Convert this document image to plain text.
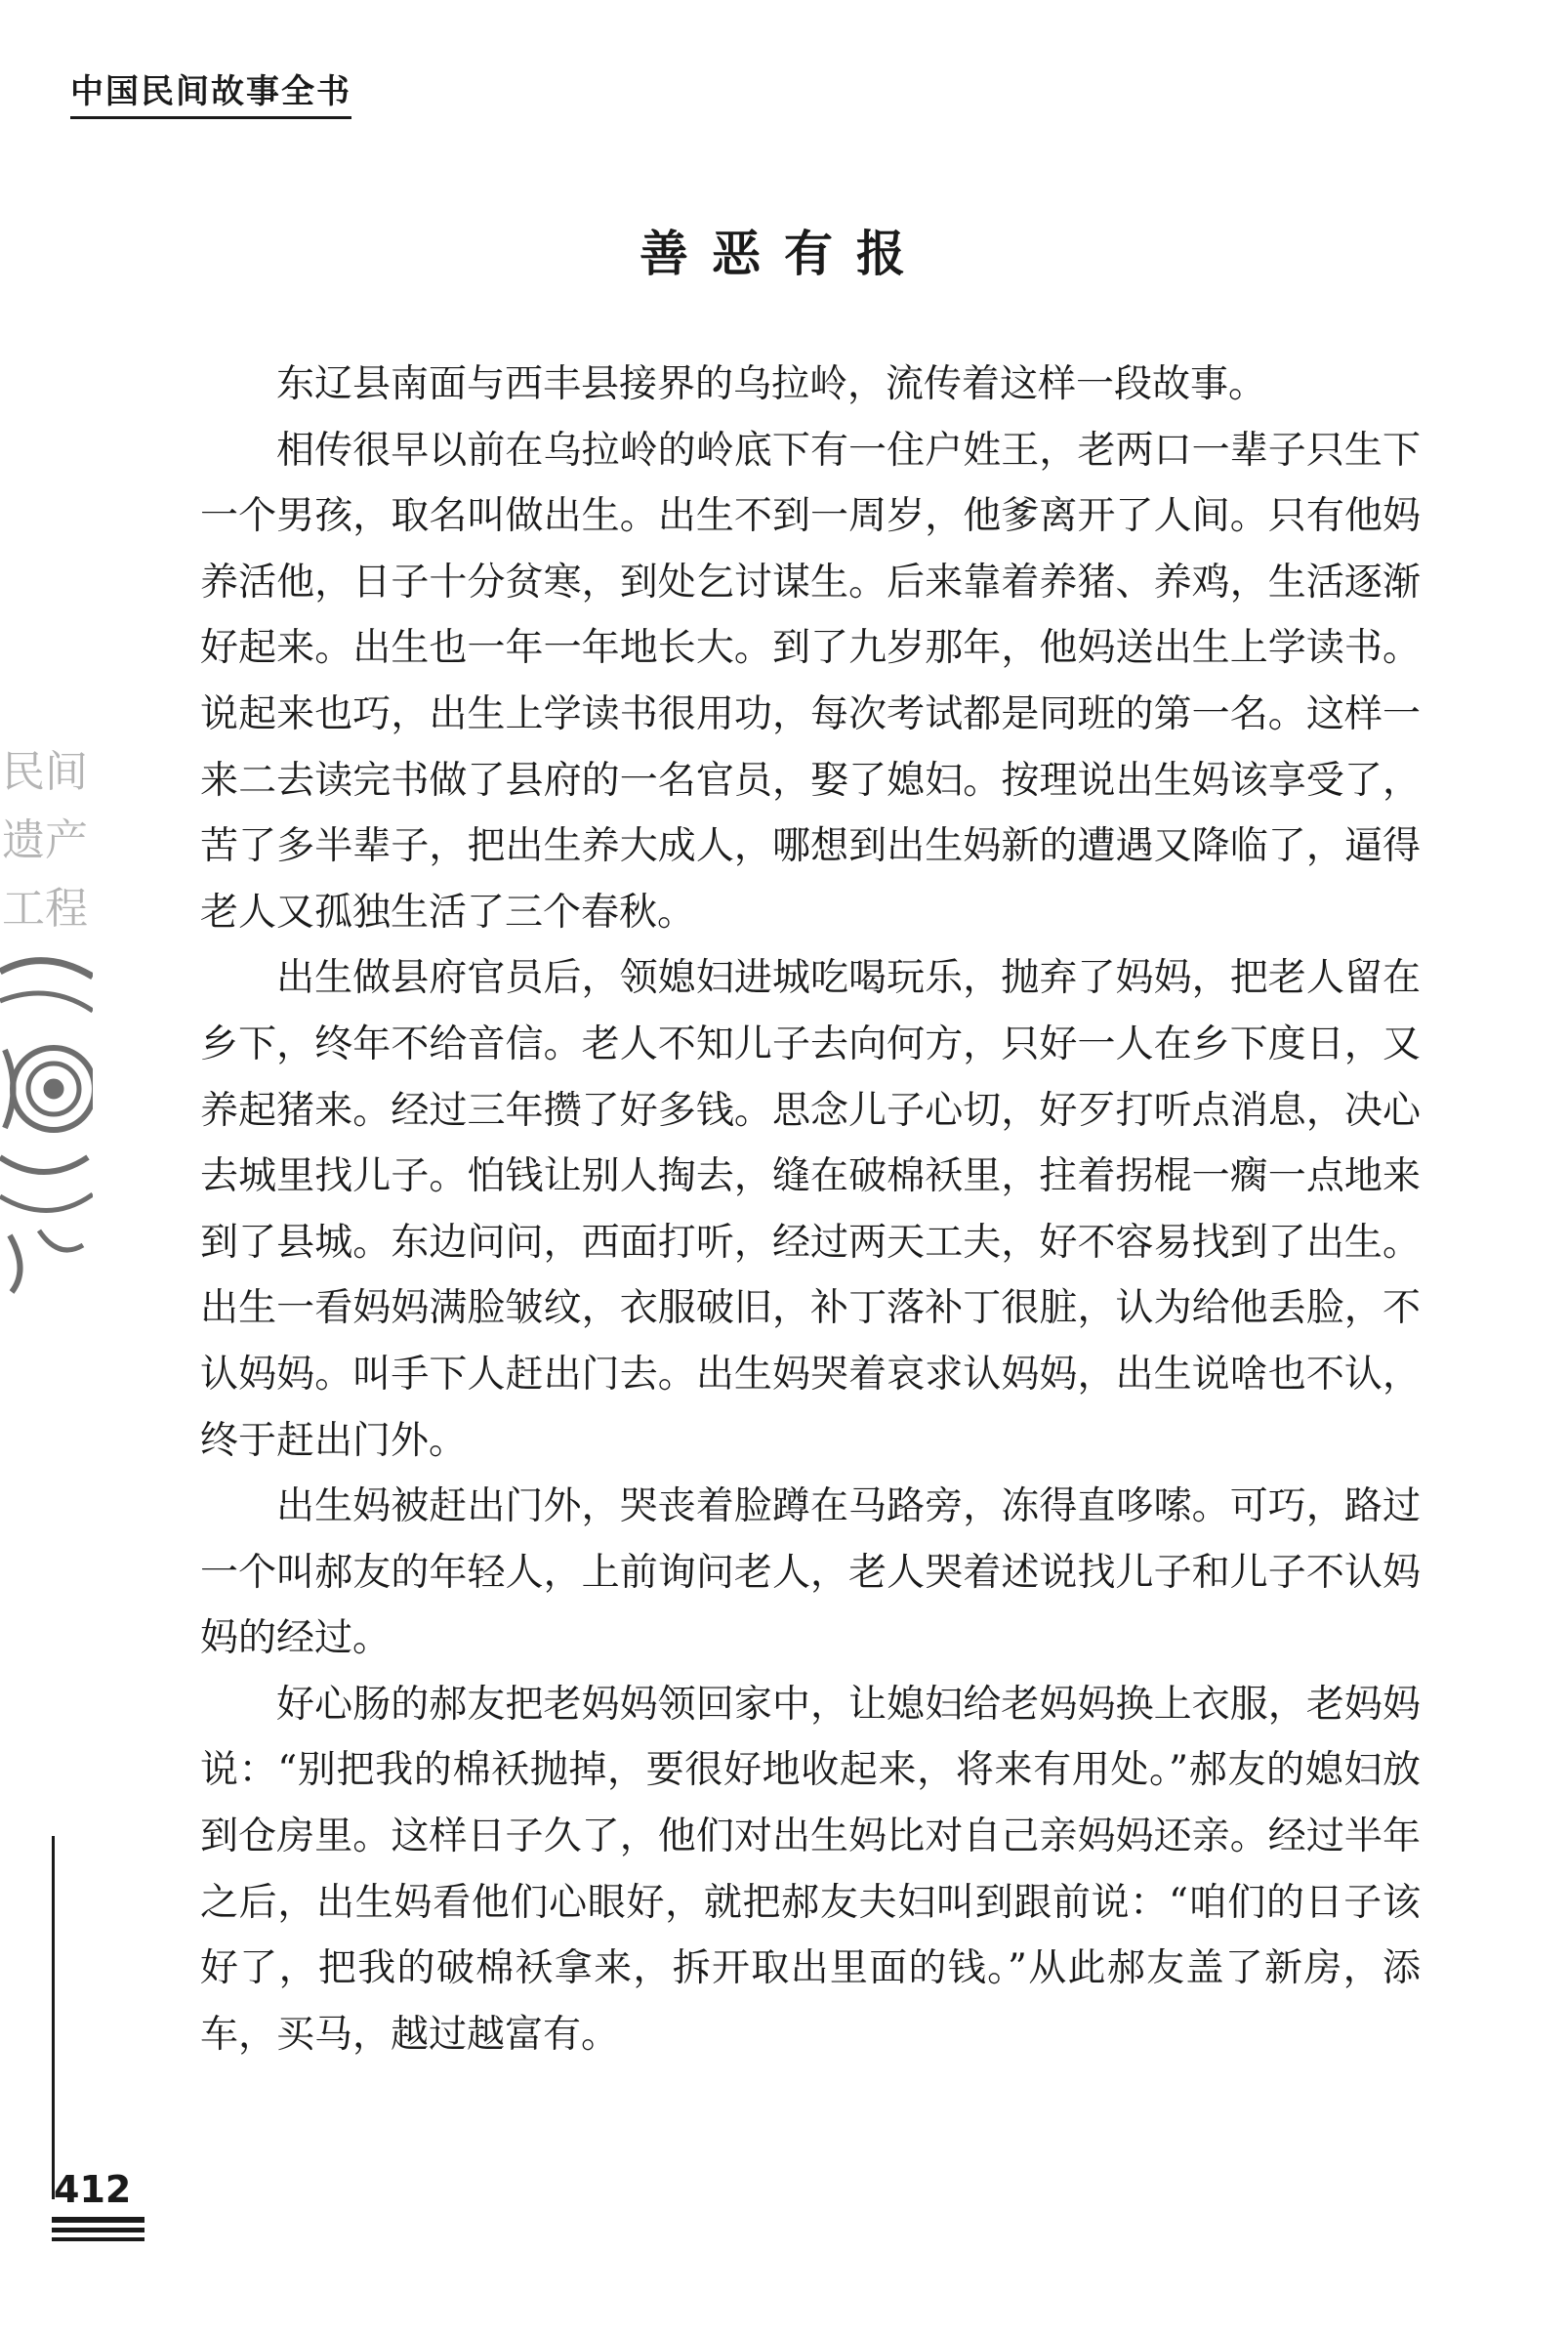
中国民间故事全书
善恶有报

东辽县南面与西丰县接界的乌拉岭，流传着这样一段故事。

相传很早以前在乌拉岭的岭底下有一住户姓王，老两口一辈子只生下一个男孩，取名叫做出生。出生不到一周岁，他爹离开了人间。只有他妈养活他，日子十分贫寒，到处乞讨谋生。后来靠着养猪、养鸡，生活逐渐好起来。出生也一年一年地长大。到了九岁那年，他妈送出生上学读书。说起来也巧，出生上学读书很用功，每次考试都是同班的第一名。这样一来二去读完书做了县府的一名官员，娶了媳妇。按理说出生妈该享受了，苦了多半辈子，把出生养大成人，哪想到出生妈新的遭遇又降临了，逼得老人又孤独生活了三个春秋。

出生做县府官员后，领媳妇进城吃喝玩乐，抛弃了妈妈，把老人留在乡下，终年不给音信。老人不知儿子去向何方，只好一人在乡下度日，又养起猪来。经过三年攒了好多钱。思念儿子心切，好歹打听点消息，决心去城里找儿子。怕钱让别人掏去，缝在破棉袄里，拄着拐棍一瘸一点地来到了县城。东边问问，西面打听，经过两天工夫，好不容易找到了出生。出生一看妈妈满脸皱纹，衣服破旧，补丁落补丁很脏，认为给他丢脸，不认妈妈。叫手下人赶出门去。出生妈哭着哀求认妈妈，出生说啥也不认，终于赶出门外。

出生妈被赶出门外，哭丧着脸蹲在马路旁，冻得直哆嗦。可巧，路过一个叫郝友的年轻人，上前询问老人，老人哭着述说找儿子和儿子不认妈妈的经过。

好心肠的郝友把老妈妈领回家中，让媳妇给老妈妈换上衣服，老妈妈说：“别把我的棉袄抛掉，要很好地收起来，将来有用处。”郝友的媳妇放到仓房里。这样日子久了，他们对出生妈比对自己亲妈妈还亲。经过半年之后，出生妈看他们心眼好，就把郝友夫妇叫到跟前说：“咱们的日子该好了，把我的破棉袄拿来，拆开取出里面的钱。”从此郝友盖了新房，添车，买马，越过越富有。

民间
遗产
工程
412
